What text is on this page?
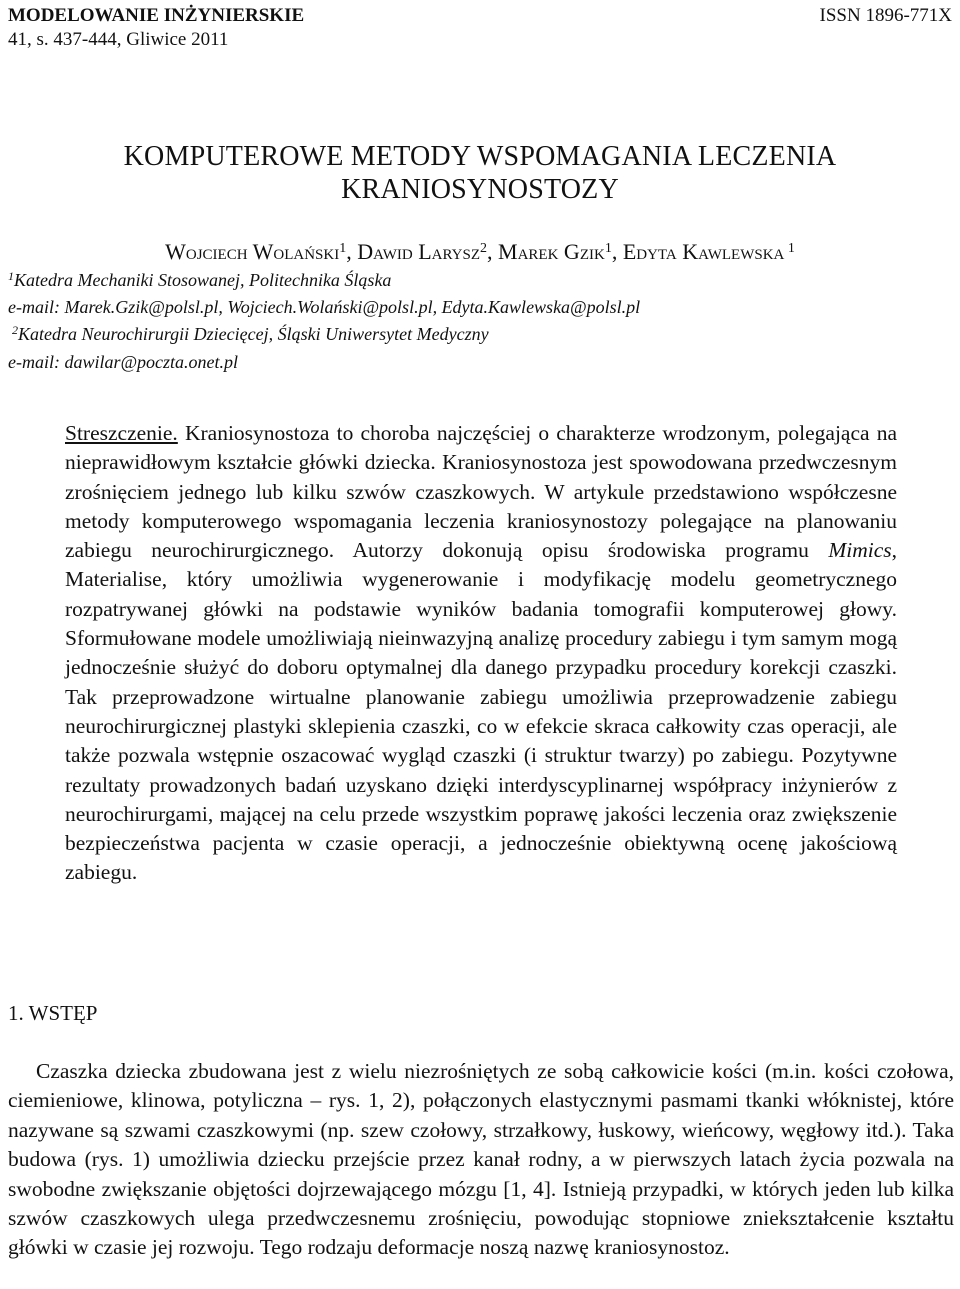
MODELOWANIE INŻYNIERSKIE
41, s. 437-444, Gliwice 2011
ISSN 1896-771X
KOMPUTEROWE METODY WSPOMAGANIA LECZENIA
KRANIOSYNOSTOZY
Wojciech Wolański$^1$, Dawid Larysz$^2$, Marek Gzik$^1$, Edyta Kawlewska $^1$
$^1$Katedra Mechaniki Stosowanej, Politechnika Śląska
e-mail: Marek.Gzik@polsl.pl, Wojciech.Wolański@polsl.pl, Edyta.Kawlewska@polsl.pl
$^2$Katedra Neurochirurgii Dziecięcej, Śląski Uniwersytet Medyczny
e-mail: dawilar@poczta.onet.pl

Streszczenie. Kraniosynostoza to choroba najczęściej o charakterze wrodzonym, polegająca na nieprawidłowym kształcie główki dziecka. Kraniosynostoza jest spowodowana przedwczesnym zrośnięciem jednego lub kilku szwów czaszkowych. W artykule przedstawiono współczesne metody komputerowego wspomagania leczenia kraniosynostozy polegające na planowaniu zabiegu neurochirurgicznego. Autorzy dokonują opisu środowiska programu Mimics, Materialise, który umożliwia wygenerowanie i modyfikację modelu geometrycznego rozpatrywanej główki na podstawie wyników badania tomografii komputerowej głowy. Sformułowane modele umożliwiają nieinwazyjną analizę procedury zabiegu i tym samym mogą jednocześnie służyć do doboru optymalnej dla danego przypadku procedury korekcji czaszki. Tak przeprowadzone wirtualne planowanie zabiegu umożliwia przeprowadzenie zabiegu neurochirurgicznej plastyki sklepienia czaszki, co w efekcie skraca całkowity czas operacji, ale także pozwala wstępnie oszacować wygląd czaszki (i struktur twarzy) po zabiegu. Pozytywne rezultaty prowadzonych badań uzyskano dzięki interdyscyplinarnej współpracy inżynierów z neurochirurgami, mającej na celu przede wszystkim poprawę jakości leczenia oraz zwiększenie bezpieczeństwa pacjenta w czasie operacji, a jednocześnie obiektywną ocenę jakościową zabiegu.

1. WSTĘP

Czaszka dziecka zbudowana jest z wielu niezrośniętych ze sobą całkowicie kości (m.in. kości czołowa, ciemieniowe, klinowa, potyliczna – rys. 1, 2), połączonych elastycznymi pasmami tkanki włóknistej, które nazywane są szwami czaszkowymi (np. szew czołowy, strzałkowy, łuskowy, wieńcowy, węgłowy itd.). Taka budowa (rys. 1) umożliwia dziecku przejście przez kanał rodny, a w pierwszych latach życia pozwala na swobodne zwiększanie objętości dojrzewającego mózgu [1, 4]. Istnieją przypadki, w których jeden lub kilka szwów czaszkowych ulega przedwczesnemu zrośnięciu, powodując stopniowe zniekształcenie kształtu główki w czasie jej rozwoju. Tego rodzaju deformacje noszą nazwę kraniosynostoz.
